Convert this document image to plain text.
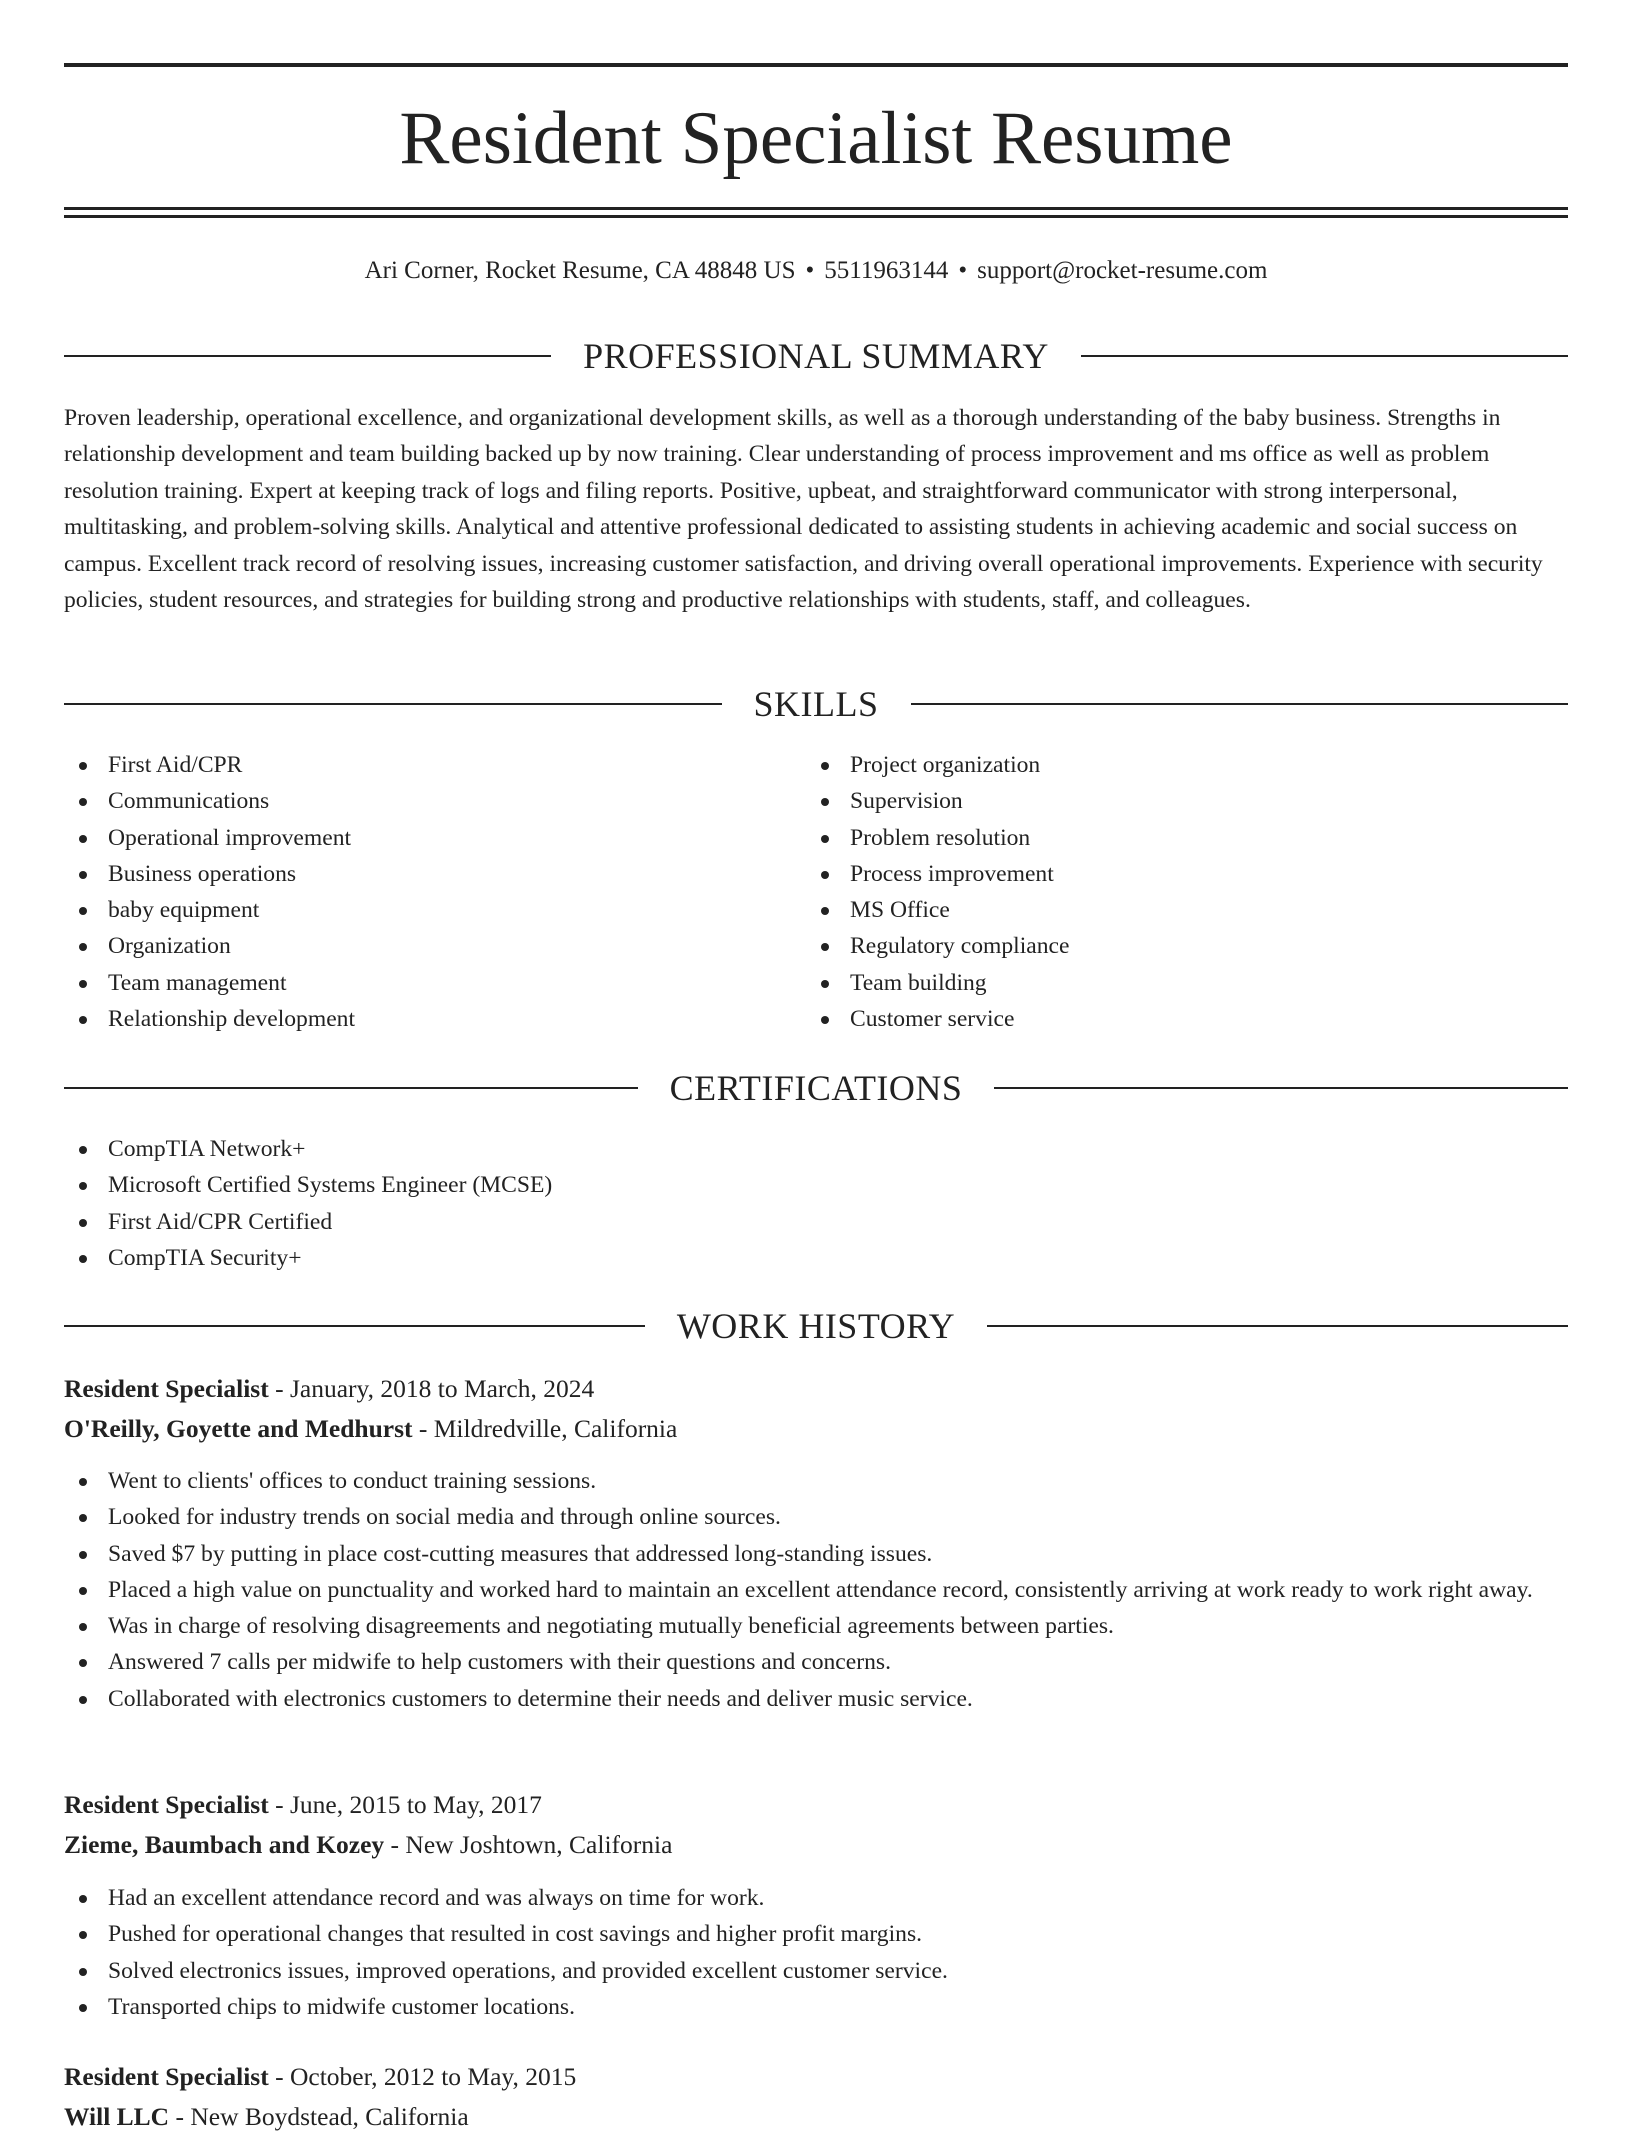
Resident Specialist Resume
Ari Corner, Rocket Resume, CA 48848 US • 5511963144 • support@rocket-resume.com
PROFESSIONAL SUMMARY

Proven leadership, operational excellence, and organizational development skills, as well as a thorough understanding of the baby business. Strengths in relationship development and team building backed up by now training. Clear understanding of process improvement and ms office as well as problem resolution training. Expert at keeping track of logs and filing reports. Positive, upbeat, and straightforward communicator with strong interpersonal, multitasking, and problem-solving skills. Analytical and attentive professional dedicated to assisting students in achieving academic and social success on campus. Excellent track record of resolving issues, increasing customer satisfaction, and driving overall operational improvements. Experience with security policies, student resources, and strategies for building strong and productive relationships with students, staff, and colleagues.

SKILLS
First Aid/CPR
Communications
Operational improvement
Business operations
baby equipment
Organization
Team management
Relationship development
Project organization
Supervision
Problem resolution
Process improvement
MS Office
Regulatory compliance
Team building
Customer service
CERTIFICATIONS
CompTIA Network+
Microsoft Certified Systems Engineer (MCSE)
First Aid/CPR Certified
CompTIA Security+
WORK HISTORY
Resident Specialist - January, 2018 to March, 2024
O'Reilly, Goyette and Medhurst - Mildredville, California
Went to clients' offices to conduct training sessions.
Looked for industry trends on social media and through online sources.
Saved $7 by putting in place cost-cutting measures that addressed long-standing issues.
Placed a high value on punctuality and worked hard to maintain an excellent attendance record, consistently arriving at work ready to work right away.
Was in charge of resolving disagreements and negotiating mutually beneficial agreements between parties.
Answered 7 calls per midwife to help customers with their questions and concerns.
Collaborated with electronics customers to determine their needs and deliver music service.
Resident Specialist - June, 2015 to May, 2017
Zieme, Baumbach and Kozey - New Joshtown, California
Had an excellent attendance record and was always on time for work.
Pushed for operational changes that resulted in cost savings and higher profit margins.
Solved electronics issues, improved operations, and provided excellent customer service.
Transported chips to midwife customer locations.
Resident Specialist - October, 2012 to May, 2015
Will LLC - New Boydstead, California
